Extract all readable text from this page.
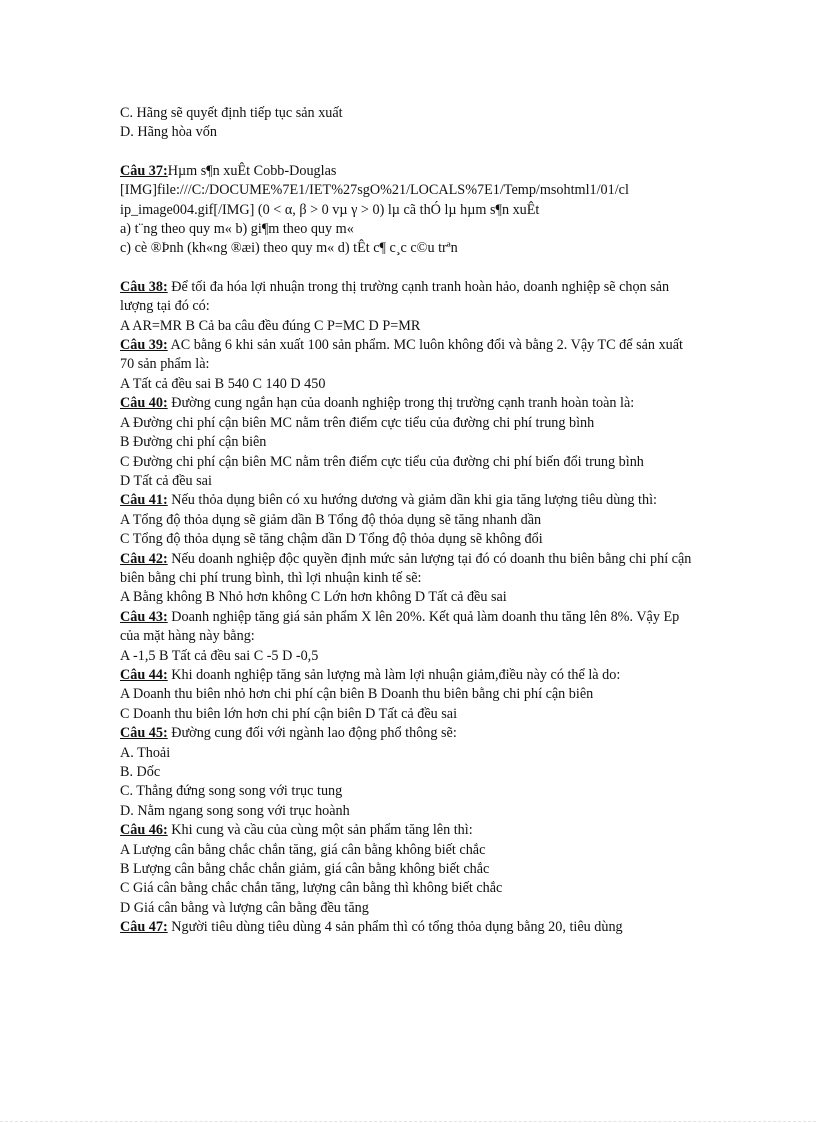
C. Hãng sẽ quyết định tiếp tục sản xuất
D. Hãng hòa vốn
Câu 37:Hµm s¶n xuÊt Cobb-Douglas
[IMG]file:///C:/DOCUME%7E1/IET%27sgO%21/LOCALS%7E1/Temp/msohtml1/01/cl
ip_image004.gif[/IMG] (0 < α, β > 0 vµ γ > 0) lµ cã thÓ lµ hµm s¶n xuÊt
a) t¨ng theo quy m« b) gi¶m theo quy m«
c) cè ®Þnh (kh«ng ®æi) theo quy m« d) tÊt c¶ c¸c c©u trªn
Câu 38: Để tối đa hóa lợi nhuận trong thị trường cạnh tranh hoàn hảo, doanh nghiệp sẽ chọn sản lượng tại đó có:
A AR=MR B Cả ba câu đều đúng C P=MC D P=MR
Câu 39: AC bằng 6 khi sản xuất 100 sản phẩm. MC luôn không đổi và bằng 2. Vậy TC để sản xuất 70 sản phẩm là:
A Tất cả đều sai B 540 C 140 D 450
Câu 40: Đường cung ngắn hạn của doanh nghiệp trong thị trường cạnh tranh hoàn toàn là:
A Đường chi phí cận biên MC nằm trên điểm cực tiểu của đường chi phí trung bình
B Đường chi phí cận biên
C Đường chi phí cận biên MC nằm trên điểm cực tiểu của đường chi phí biến đổi trung bình
D Tất cả đều sai
Câu 41: Nếu thỏa dụng biên có xu hướng dương và giảm dần khi gia tăng lượng tiêu dùng thì:
A Tổng độ thỏa dụng sẽ giảm dần B Tổng độ thỏa dụng sẽ tăng nhanh dần
C Tổng độ thỏa dụng sẽ tăng chậm dần D Tổng độ thỏa dụng sẽ không đổi
Câu 42: Nếu doanh nghiệp độc quyền định mức sản lượng tại đó có doanh thu biên bằng chi phí cận biên bằng chi phí trung bình, thì lợi nhuận kinh tế sẽ:
A Bằng không B Nhỏ hơn không C Lớn hơn không D Tất cả đều sai
Câu 43: Doanh nghiệp tăng giá sản phẩm X lên 20%. Kết quả làm doanh thu tăng lên 8%. Vậy Ep của mặt hàng này bằng:
A -1,5 B Tất cả đều sai C -5 D -0,5
Câu 44: Khi doanh nghiệp tăng sản lượng mà làm lợi nhuận giảm,điều này có thể là do:
A Doanh thu biên nhỏ hơn chi phí cận biên B Doanh thu biên bằng chi phí cận biên
C Doanh thu biên lớn hơn chi phí cận biên D Tất cả đều sai
Câu 45: Đường cung đối với ngành lao động phổ thông sẽ:
A. Thoải
B. Dốc
C. Thẳng đứng song song với trục tung
D. Nằm ngang song song với trục hoành
Câu 46: Khi cung và cầu của cùng một sản phẩm tăng lên thì:
A Lượng cân bằng chắc chắn tăng, giá cân bằng không biết chắc
B Lượng cân bằng chắc chắn giảm, giá cân bằng không biết chắc
C Giá cân bằng chắc chắn tăng, lượng cân bằng thì không biết chắc
D Giá cân bằng và lượng cân bằng đều tăng
Câu 47: Người tiêu dùng tiêu dùng 4 sản phẩm thì có tổng thỏa dụng bằng 20, tiêu dùng
